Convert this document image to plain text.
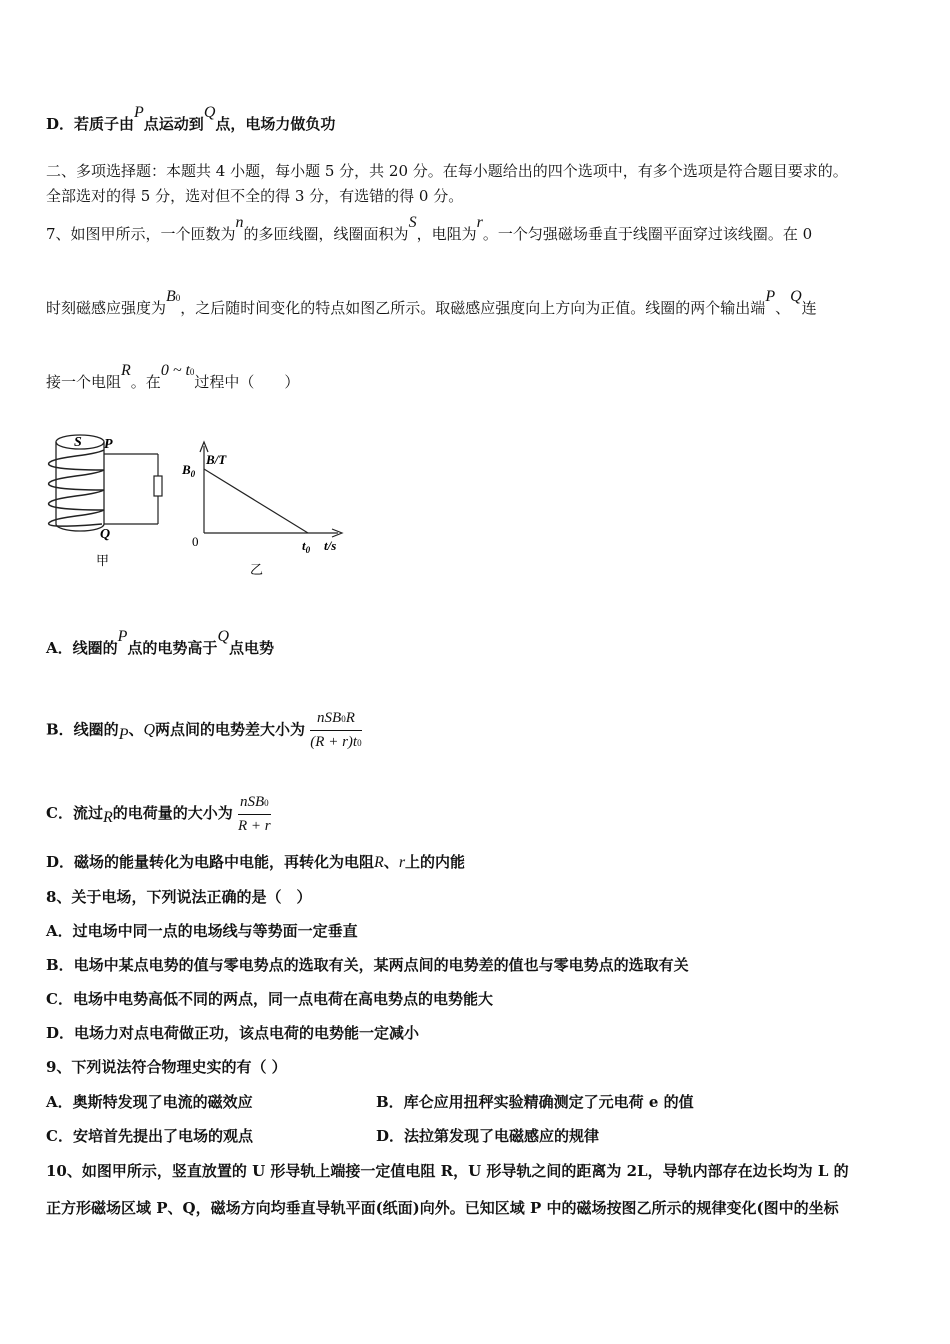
D．若质子由P点运动到Q点，电场力做负功
二、多项选择题：本题共 4 小题，每小题 5 分，共 20 分。在每小题给出的四个选项中，有多个选项是符合题目要求的。
全部选对的得 5 分，选对但不全的得 3 分，有选错的得 0 分。
7、如图甲所示，一个匝数为n的多匝线圈，线圈面积为S，电阻为r。一个匀强磁场垂直于线圈平面穿过该线圈。在 0
时刻磁感应强度为B0，之后随时间变化的特点如图乙所示。取磁感应强度向上方向为正值。线圈的两个输出端P、Q连
接一个电阻R。在0 ~ t0过程中（　　）
S P
Q
甲
B/T
$B_0$
0	$t_0$ t/s
乙
A．线圈的P点的电势高于Q点电势
B．线圈的P、Q两点间的电势差大小为 $\frac{\text{nSB0R}}{(R + r)t0}$
C．流过R的电荷量的大小为 $\frac{\text{nSB0}}{R + r}$
D．磁场的能量转化为电路中电能，再转化为电阻R、r上的内能
8、关于电场，下列说法正确的是（　）
A．过电场中同一点的电场线与等势面一定垂直
B．电场中某点电势的值与零电势点的选取有关，某两点间的电势差的值也与零电势点的选取有关
C．电场中电势高低不同的两点，同一点电荷在高电势点的电势能大
D．电场力对点电荷做正功，该点电荷的电势能一定减小
9、下列说法符合物理史实的有（ ）
A．奥斯特发现了电流的磁效应	B．库仑应用扭秤实验精确测定了元电荷 e 的值
C．安培首先提出了电场的观点	D．法拉第发现了电磁感应的规律
10、如图甲所示，竖直放置的 U 形导轨上端接一定值电阻 R，U 形导轨之间的距离为 2L，导轨内部存在边长均为 L 的
正方形磁场区域 P、Q，磁场方向均垂直导轨平面(纸面)向外。已知区域 P 中的磁场按图乙所示的规律变化(图中的坐标
